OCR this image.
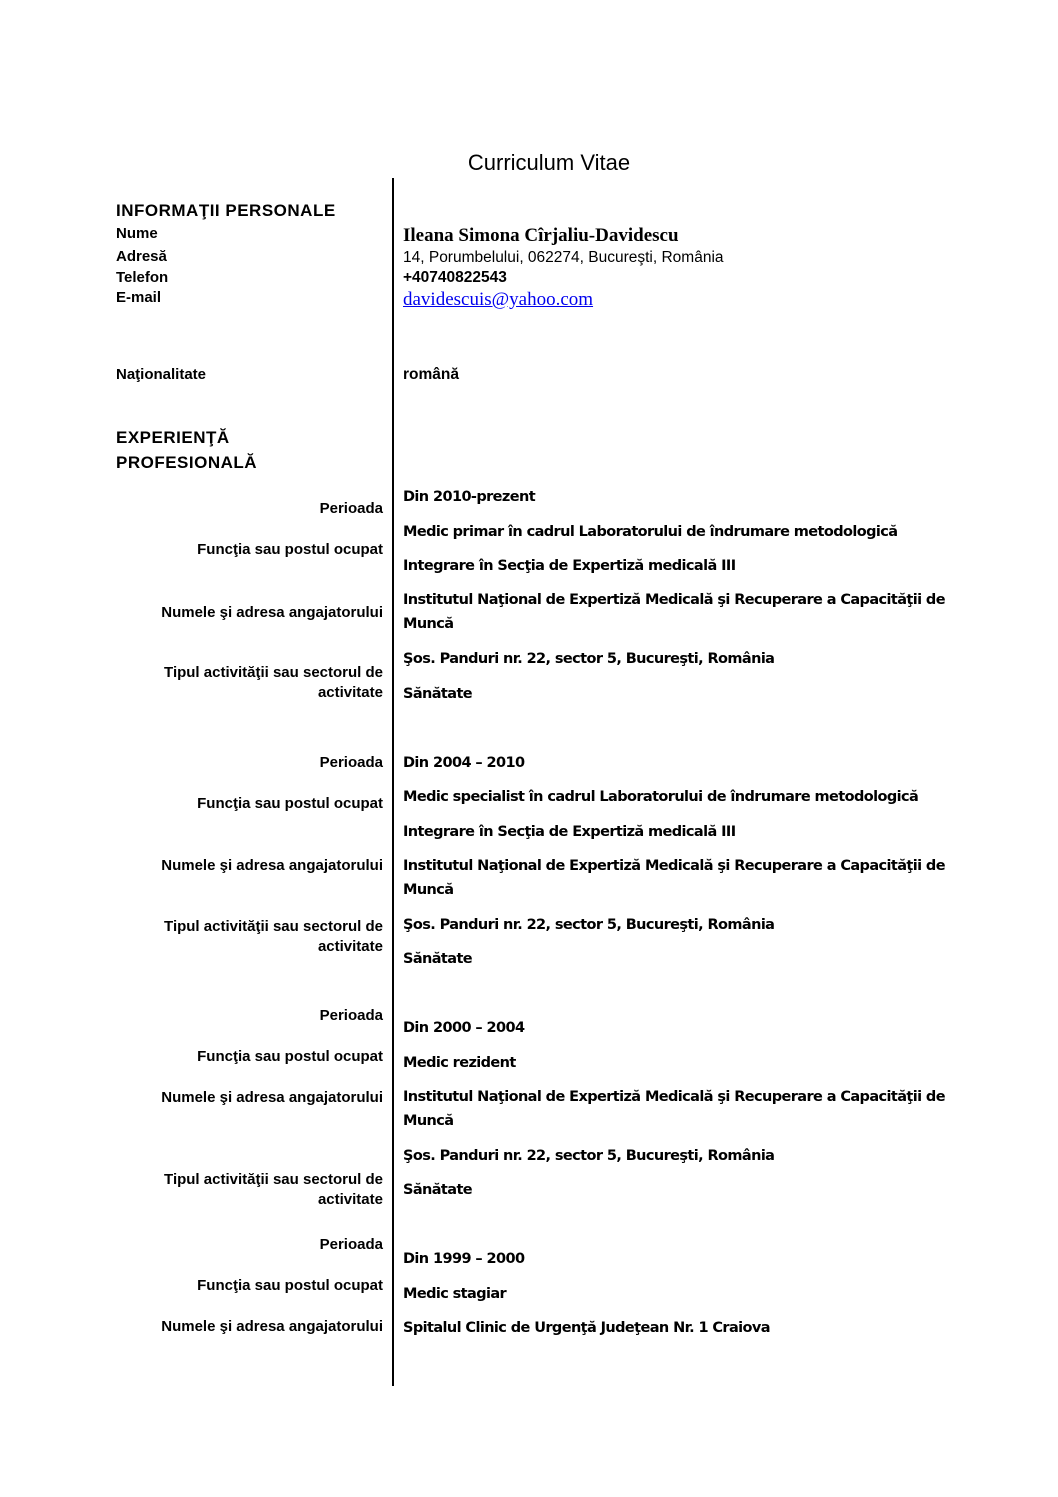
Curriculum Vitae
INFORMAŢII PERSONALE
Nume
Adresă
Telefon
E-mail
Ileana Simona Cîrjaliu-Davidescu
14, Porumbelului, 062274, Bucureşti, România
+40740822543
davidescuis@yahoo.com
Naţionalitate	română
EXPERIENŢĂ
PROFESIONALĂ
Perioada
Din 2010-prezent
Funcţia sau postul ocupat
Medic primar în cadrul Laboratorului de îndrumare metodologică
Integrare în Secţia de Expertiză medicală III
Numele şi adresa angajatorului
Institutul Naţional de Expertiză Medicală şi Recuperare a Capacităţii de
Muncă
Tipul activităţii sau sectorul de
activitate
Şos. Panduri nr. 22, sector 5, Bucureşti, România
Sănătate
Perioada Din 2004 – 2010
Funcţia sau postul ocupat Medic specialist în cadrul Laboratorului de îndrumare metodologică
Integrare în Secţia de Expertiză medicală III
Numele şi adresa angajatorului Institutul Naţional de Expertiză Medicală şi Recuperare a Capacităţii de
Muncă
Tipul activităţii sau sectorul de
activitate
Şos. Panduri nr. 22, sector 5, Bucureşti, România
Sănătate
Perioada
Din 2000 – 2004
Funcţia sau postul ocupat Medic rezident
Numele şi adresa angajatorului Institutul Naţional de Expertiză Medicală şi Recuperare a Capacităţii de
Muncă
Şos. Panduri nr. 22, sector 5, Bucureşti, România
Tipul activităţii sau sectorul de
activitate
Sănătate
Perioada
Din 1999 – 2000
Funcţia sau postul ocupat Medic stagiar
Numele şi adresa angajatorului Spitalul Clinic de Urgenţă Judeţean Nr. 1 Craiova
